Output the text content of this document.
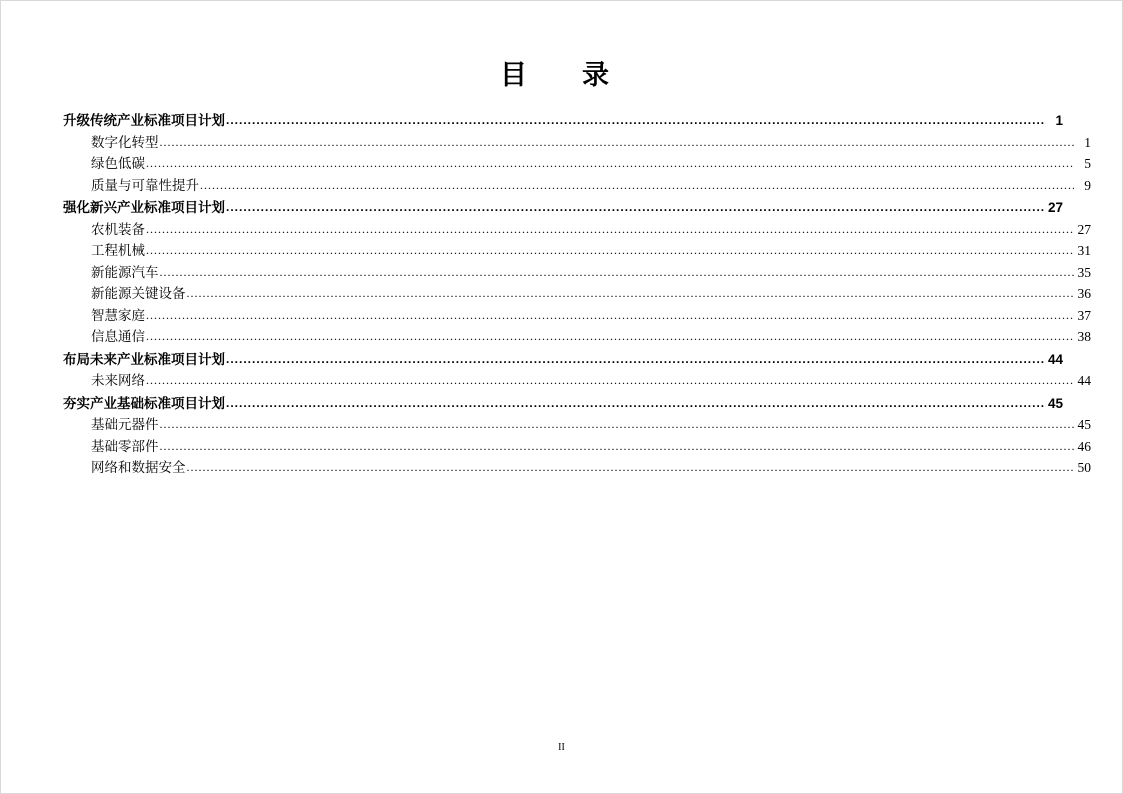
目　录
升级传统产业标准项目计划 .....	1
数字化转型 .....	1
绿色低碳 .....	5
质量与可靠性提升 .....	9
强化新兴产业标准项目计划 .....	27
农机装备 .....	27
工程机械 .....	31
新能源汽车 .....	35
新能源关键设备 .....	36
智慧家庭 .....	37
信息通信 .....	38
布局未来产业标准项目计划 .....	44
未来网络 .....	44
夯实产业基础标准项目计划 .....	45
基础元器件 .....	45
基础零部件 .....	46
网络和数据安全 .....	50
II
